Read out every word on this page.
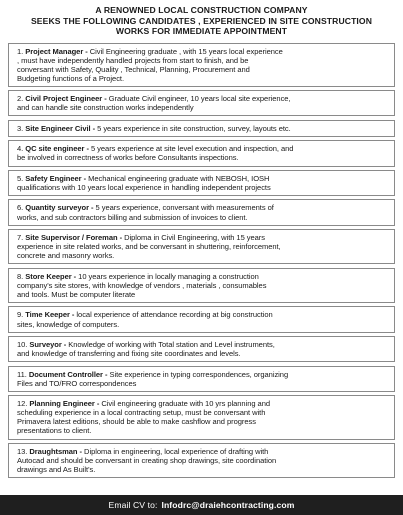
A RENOWNED LOCAL CONSTRUCTION COMPANY
SEEKS THE FOLLOWING CANDIDATES , EXPERIENCED IN SITE CONSTRUCTION
WORKS FOR IMMEDIATE APPOINTMENT
1. Project Manager - Civil Engineering graduate , with 15 years local experience
, must have independently handled projects from start to finish, and be
conversant with Safety, Quality , Technical, Planning, Procurement and
Budgeting functions of a Project.
2. Civil Project Engineer - Graduate Civil engineer, 10 years local site experience,
and can handle site construction works independently
3. Site Engineer Civil - 5 years experience in site construction, survey, layouts etc.
4. QC site engineer - 5 years experience at site level execution and inspection, and
be involved in correctness of works before Consultants inspections.
5. Safety Engineer - Mechanical engineering graduate with NEBOSH, IOSH
qualifications with 10 years local experience in handling independent projects
6. Quantity surveyor - 5 years experience, conversant with measurements of
works, and sub contractors billing and submission of invoices to client.
7. Site Supervisor / Foreman - Diploma in Civil Engineering, with 15 years
experience in site related works, and be conversant in shuttering, reinforcement,
concrete and masonry works.
8. Store Keeper - 10 years experience in locally managing a construction
company's site stores, with knowledge of vendors , materials , consumables
and tools. Must be computer literate
9. Time Keeper - local experience of attendance recording at big construction
sites, knowledge of computers.
10. Surveyor - Knowledge of working with Total station and Level instruments,
and knowledge of transferring and fixing site coordinates and levels.
11. Document Controller - Site experience in typing correspondences, organizing
Files and TO/FRO correspondences
12. Planning Engineer - Civil engineering graduate with 10 yrs planning and
scheduling experience in a local contracting setup, must be conversant with
Primavera latest editions, should be able to make cashflow and progress
presentations to client.
13. Draughtsman - Diploma in engineering, local experience of drafting with
Autocad and should be conversant in creating shop drawings, site coordination
drawings and As Built's.
Email CV to: Infodrc@draiehcontracting.com
